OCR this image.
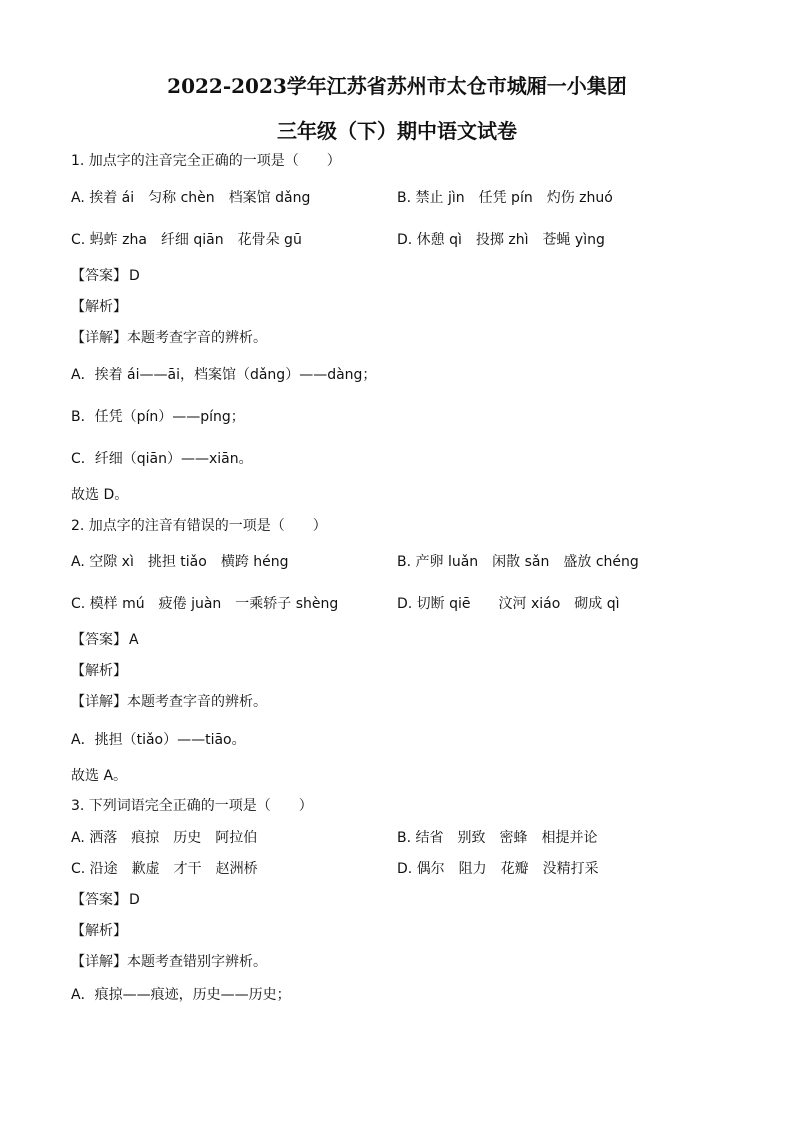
2022-2023学年江苏省苏州市太仓市城厢一小集团
三年级（下）期中语文试卷
1. 加点字的注音完全正确的一项是（　　）
A. 挨着 ái　匀称 chèn　档案馆 dǎng	B. 禁止 jìn　任凭 pín　灼伤 zhuó
C. 蚂蚱 zha　纤细 qiān　花骨朵 gū	D. 休憩 qì　投掷 zhì　苍蝇 yìng
【答案】 D
【解析】
【详解】本题考查字音的辨析。
A．挨着 ái——āi，档案馆（dǎng）——dàng；
B．任凭（pín）——píng；
C．纤细（qiān）——xiān。
故选 D。
2. 加点字的注音有错误的一项是（　　）
A. 空隙 xì　挑担 tiǎo　横跨 héng	B. 产卵 luǎn　闲散 sǎn　盛放 chéng
C. 模样 mú　疲倦 juàn　一乘轿子 shèng	D. 切断 qiē　　汶河 xiáo　砌成 qì
【答案】 A
【解析】
【详解】本题考查字音的辨析。
A．挑担（tiǎo）——tiāo。
故选 A。
3. 下列词语完全正确的一项是（　　）
A. 洒落　痕掠　历史　阿拉伯	B. 结省　别致　密蜂　相提并论
C. 沿途　歉虚　才干　赵洲桥	D. 偶尔　阻力　花瓣　没精打采
【答案】 D
【解析】
【详解】本题考查错别字辨析。
A．痕掠——痕迹，历史——历史；
